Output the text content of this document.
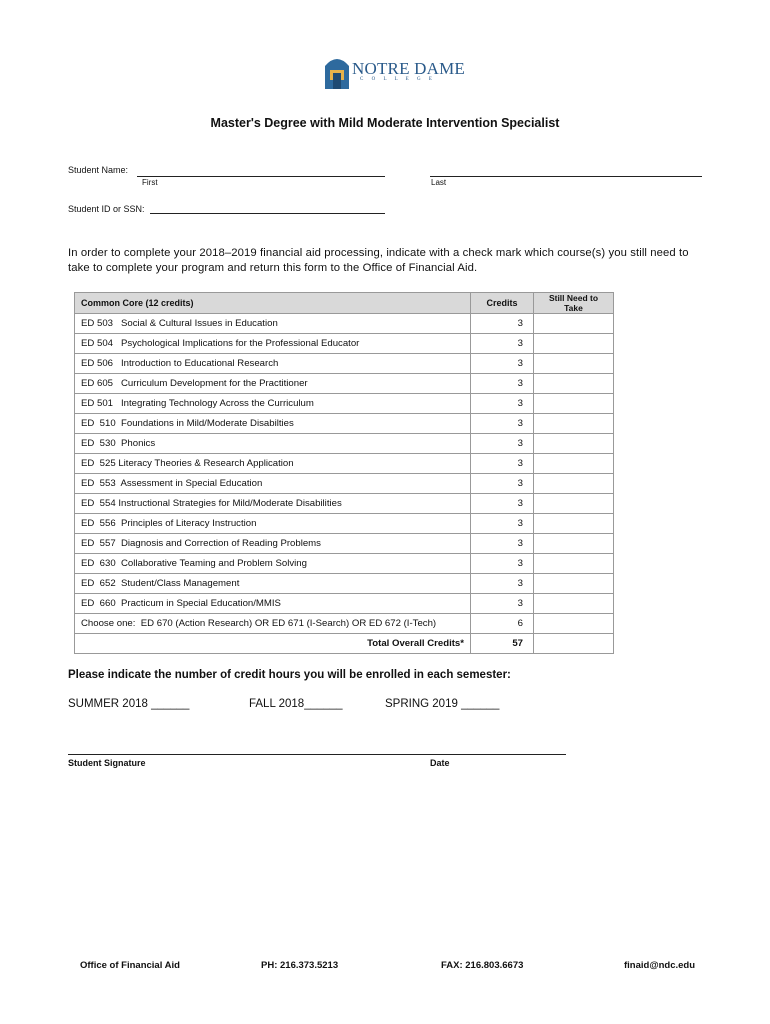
NOTRE DAME
C O L L E G E
Master's Degree with Mild Moderate Intervention Specialist
Student Name:
First	Last
Student ID or SSN:
In order to complete your 2018–2019 financial aid processing, indicate with a check mark which course(s) you still need to take to complete your program and return this form to the Office of Financial Aid.
Common Core (12 credits)	Credits	Still Need to Take
ED 503   Social & Cultural Issues in Education	3	
ED 504   Psychological Implications for the Professional Educator	3	
ED 506   Introduction to Educational Research	3	
ED 605   Curriculum Development for the Practitioner	3	
ED 501   Integrating Technology Across the Curriculum	3	
ED  510  Foundations in Mild/Moderate Disabilties	3	
ED  530  Phonics	3	
ED  525 Literacy Theories & Research Application	3	
ED  553  Assessment in Special Education	3	
ED  554 Instructional Strategies for Mild/Moderate Disabilities	3	
ED  556  Principles of Literacy Instruction	3	
ED  557  Diagnosis and Correction of Reading Problems	3	
ED  630  Collaborative Teaming and Problem Solving	3	
ED  652  Student/Class Management	3	
ED  660  Practicum in Special Education/MMIS	3	
Choose one:  ED 670 (Action Research) OR ED 671 (I-Search) OR ED 672 (I-Tech)	6	
Total Overall Credits*	57	
Please indicate the number of credit hours you will be enrolled in each semester:
SUMMER 2018 ______	FALL 2018______	SPRING 2019 ______
Student Signature	Date
Office of Financial Aid	PH: 216.373.5213	FAX: 216.803.6673	finaid@ndc.edu
